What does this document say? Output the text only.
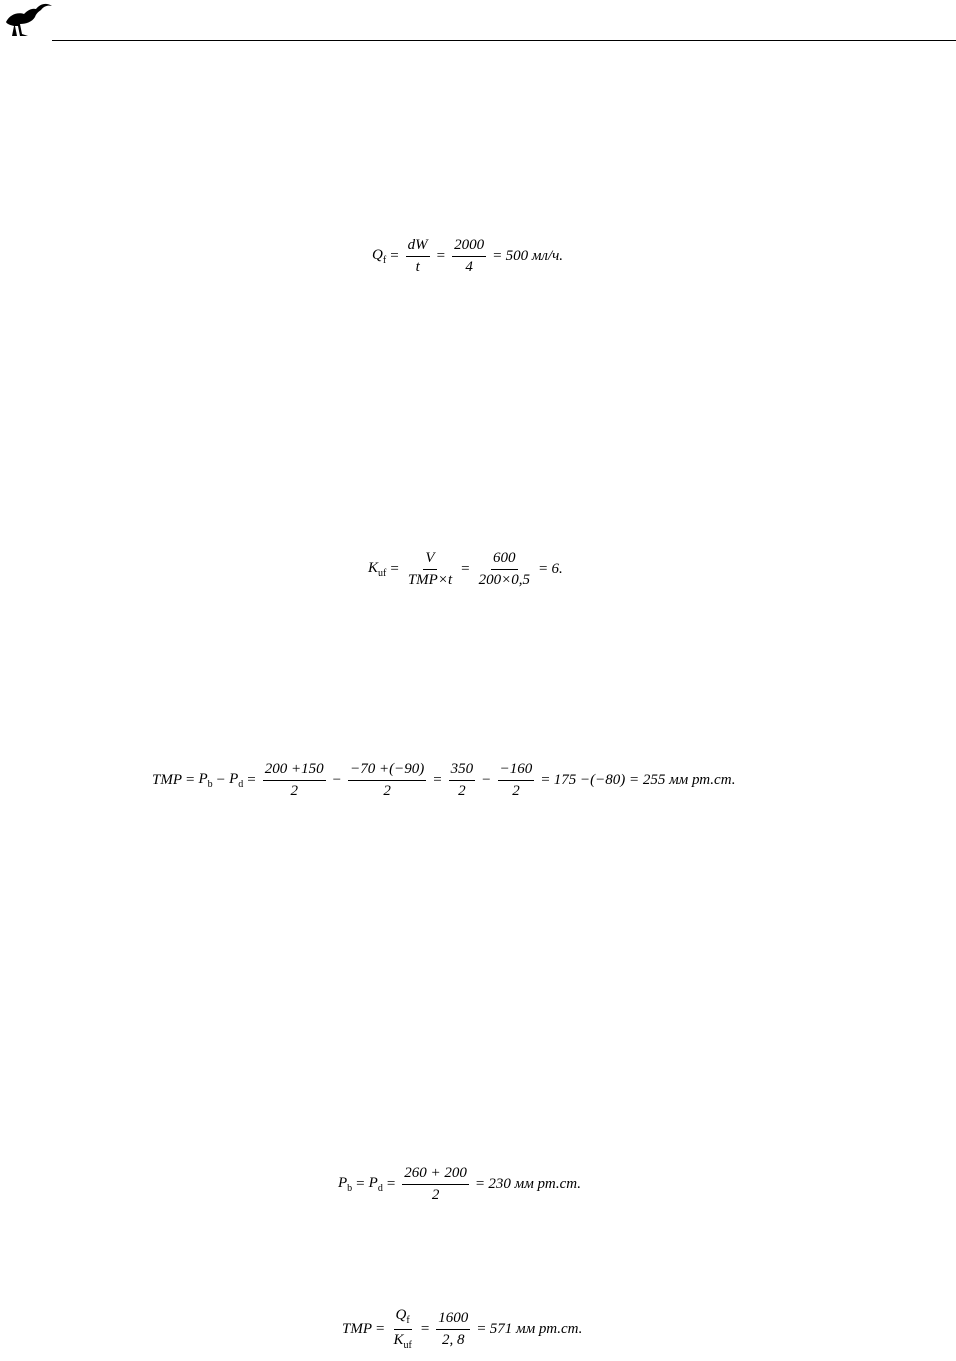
$Q_f = \frac{dW}{t} = \frac{2000}{4} = 500$ мл/ч.
$K_{uf} = \frac{V}{\text{TMP×t}} = \frac{600}{200\times 0,5} = 6$.
TMP = $P_b - P_d = \frac{200 +150}{2} - \frac{-70 +(-90)}{2} = \frac{350}{2} - \frac{-160}{2} = 175 -(-80) = 255$ мм рт.ст.
$P_b = P_d = \frac{260 + 200}{2} = 230$ мм рт.ст.
TMP = $\frac{Q_f}{K_{uf}} = \frac{1600}{2, 8} = 571$ мм рт.ст.
